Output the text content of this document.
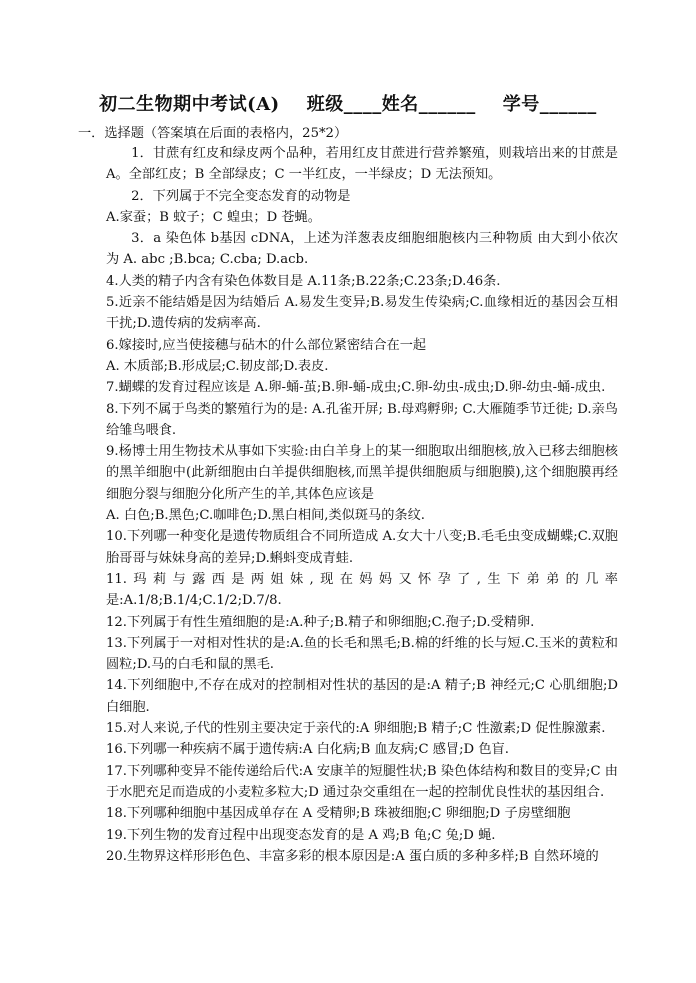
初二生物期中考试(A)    班级____姓名______    学号______
一．选择题（答案填在后面的表格内，25*2）

1．甘蔗有红皮和绿皮两个品种，若用红皮甘蔗进行营养繁殖，则栽培出来的甘蔗是A。全部红皮；B 全部绿皮；C 一半红皮，一半绿皮；D 无法预知。

2．下列属于不完全变态发育的动物是

A.家蚕；B 蚊子；C 蝗虫；D 苍蝇。

3．a 染色体 b基因 cDNA，上述为洋葱表皮细胞细胞核内三种物质 由大到小依次为 A. abc ;B.bca; C.cba; D.acb.

4.人类的精子内含有染色体数目是 A.11条;B.22条;C.23条;D.46条.

5.近亲不能结婚是因为结婚后 A.易发生变异;B.易发生传染病;C.血缘相近的基因会互相干扰;D.遗传病的发病率高.

6.嫁接时,应当使接穗与砧木的什么部位紧密结合在一起

A. 木质部;B.形成层;C.韧皮部;D.表皮.

7.蝴蝶的发育过程应该是 A.卵-蛹-茧;B.卵-蛹-成虫;C.卵-幼虫-成虫;D.卵-幼虫-蛹-成虫.

8.下列不属于鸟类的繁殖行为的是: A.孔雀开屏; B.母鸡孵卵; C.大雁随季节迁徙; D.亲鸟给雏鸟喂食.

9.杨博士用生物技术从事如下实验:由白羊身上的某一细胞取出细胞核,放入已移去细胞核的黑羊细胞中(此新细胞由白羊提供细胞核,而黑羊提供细胞质与细胞膜),这个细胞膜再经细胞分裂与细胞分化所产生的羊,其体色应该是

A. 白色;B.黑色;C.咖啡色;D.黑白相间,类似斑马的条纹.

10.下列哪一种变化是遗传物质组合不同所造成 A.女大十八变;B.毛毛虫变成蝴蝶;C.双胞胎哥哥与妹妹身高的差异;D.蝌蚪变成青蛙.

11.玛莉与露西是两姐妹,现在妈妈又怀孕了,生下弟弟的几率是:A.1/8;B.1/4;C.1/2;D.7/8.

12.下列属于有性生殖细胞的是:A.种子;B.精子和卵细胞;C.孢子;D.受精卵.

13.下列属于一对相对性状的是:A.鱼的长毛和黑毛;B.棉的纤维的长与短.C.玉米的黄粒和圆粒;D.马的白毛和鼠的黑毛.

14.下列细胞中,不存在成对的控制相对性状的基因的是:A 精子;B 神经元;C 心肌细胞;D 白细胞.

15.对人来说,子代的性别主要决定于亲代的:A 卵细胞;B 精子;C 性激素;D 促性腺激素.

16.下列哪一种疾病不属于遗传病:A 白化病;B 血友病;C 感冒;D 色盲.

17.下列哪种变异不能传递给后代:A 安康羊的短腿性状;B 染色体结构和数目的变异;C 由于水肥充足而造成的小麦粒多粒大;D 通过杂交重组在一起的控制优良性状的基因组合.

18.下列哪种细胞中基因成单存在 A 受精卵;B 珠被细胞;C 卵细胞;D 子房壁细胞

19.下列生物的发育过程中出现变态发育的是 A 鸡;B 龟;C 兔;D 蝇.

20.生物界这样形形色色、丰富多彩的根本原因是:A 蛋白质的多种多样;B 自然环境的
